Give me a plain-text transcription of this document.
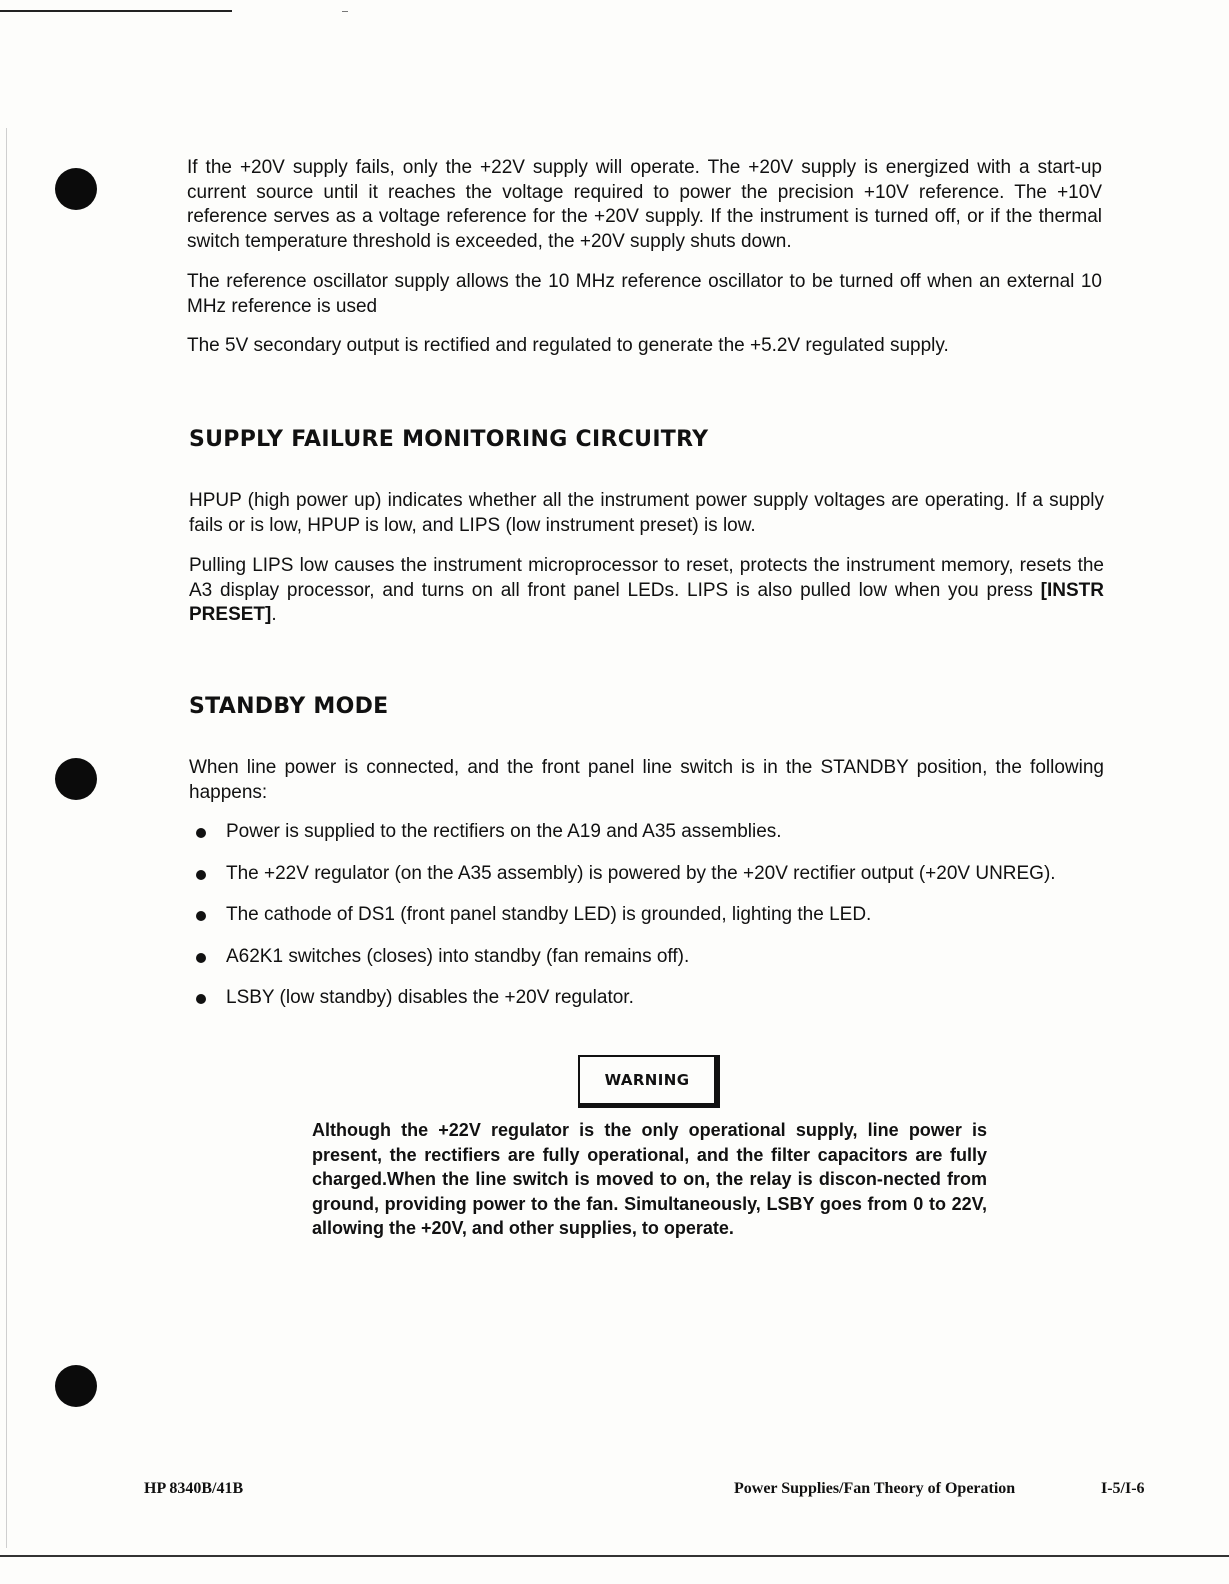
If the +20V supply fails, only the +22V supply will operate. The +20V supply is energized with a start-up current source until it reaches the voltage required to power the precision +10V reference. The +10V reference serves as a voltage reference for the +20V supply. If the instrument is turned off, or if the thermal switch temperature threshold is exceeded, the +20V supply shuts down.

The reference oscillator supply allows the 10 MHz reference oscillator to be turned off when an external 10 MHz reference is used

The 5V secondary output is rectified and regulated to generate the +5.2V regulated supply.

SUPPLY FAILURE MONITORING CIRCUITRY

HPUP (high power up) indicates whether all the instrument power supply voltages are operating. If a supply fails or is low, HPUP is low, and LIPS (low instrument preset) is low.

Pulling LIPS low causes the instrument microprocessor to reset, protects the instrument memory, resets the A3 display processor, and turns on all front panel LEDs. LIPS is also pulled low when you press [INSTR PRESET].

STANDBY MODE

When line power is connected, and the front panel line switch is in the STANDBY position, the following happens:

Power is supplied to the rectifiers on the A19 and A35 assemblies.
The +22V regulator (on the A35 assembly) is powered by the +20V rectifier output (+20V UNREG).
The cathode of DS1 (front panel standby LED) is grounded, lighting the LED.
A62K1 switches (closes) into standby (fan remains off).
LSBY (low standby) disables the +20V regulator.
WARNING

Although the +22V regulator is the only operational supply, line power is present, the rectifiers are fully operational, and the filter capacitors are fully charged.When the line switch is moved to on, the relay is discon-nected from ground, providing power to the fan. Simultaneously, LSBY goes from 0 to 22V, allowing the +20V, and other supplies, to operate.

HP 8340B/41B	Power Supplies/Fan Theory of Operation	I-5/I-6
